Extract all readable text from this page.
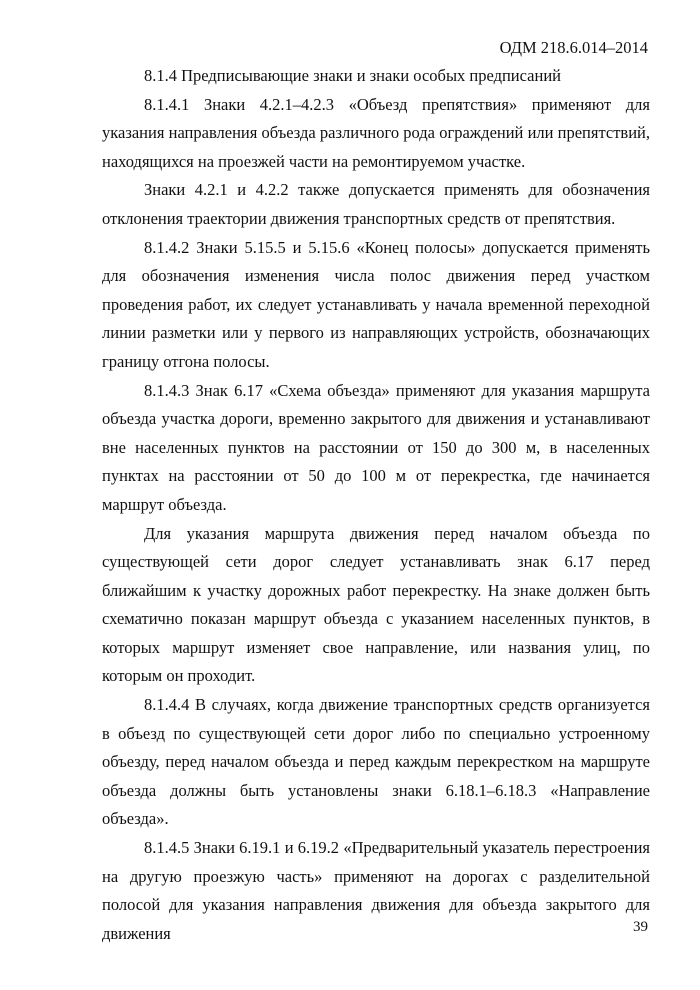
ОДМ 218.6.014–2014

8.1.4 Предписывающие знаки и знаки особых предписаний

8.1.4.1 Знаки 4.2.1–4.2.3 «Объезд препятствия» применяют для указания направления объезда различного рода ограждений или препятствий, находящихся на проезжей части на ремонтируемом участке.

Знаки 4.2.1 и 4.2.2 также допускается применять для обозначения отклонения траектории движения транспортных средств от препятствия.

8.1.4.2 Знаки 5.15.5 и 5.15.6 «Конец полосы» допускается применять для обозначения изменения числа полос движения перед участком проведения работ, их следует устанавливать у начала временной переходной линии разметки или у первого из направляющих устройств, обозначающих границу отгона полосы.

8.1.4.3 Знак 6.17 «Схема объезда» применяют для указания маршрута объезда участка дороги, временно закрытого для движения и устанавливают вне населенных пунктов на расстоянии от 150 до 300 м, в населенных пунктах на расстоянии от 50 до 100 м от перекрестка, где начинается маршрут объезда.

Для указания маршрута движения перед началом объезда по существующей сети дорог следует устанавливать знак 6.17 перед ближайшим к участку дорожных работ перекрестку. На знаке должен быть схематично показан маршрут объезда с указанием населенных пунктов, в которых маршрут изменяет свое направление, или названия улиц, по которым он проходит.

8.1.4.4 В случаях, когда движение транспортных средств организуется в объезд по существующей сети дорог либо по специально устроенному объезду, перед началом объезда и перед каждым перекрестком на маршруте объезда должны быть установлены знаки 6.18.1–6.18.3 «Направление объезда».

8.1.4.5 Знаки 6.19.1 и 6.19.2 «Предварительный указатель перестроения на другую проезжую часть» применяют на дорогах с разделительной полосой для указания направления движения для объезда закрытого для движения	39
